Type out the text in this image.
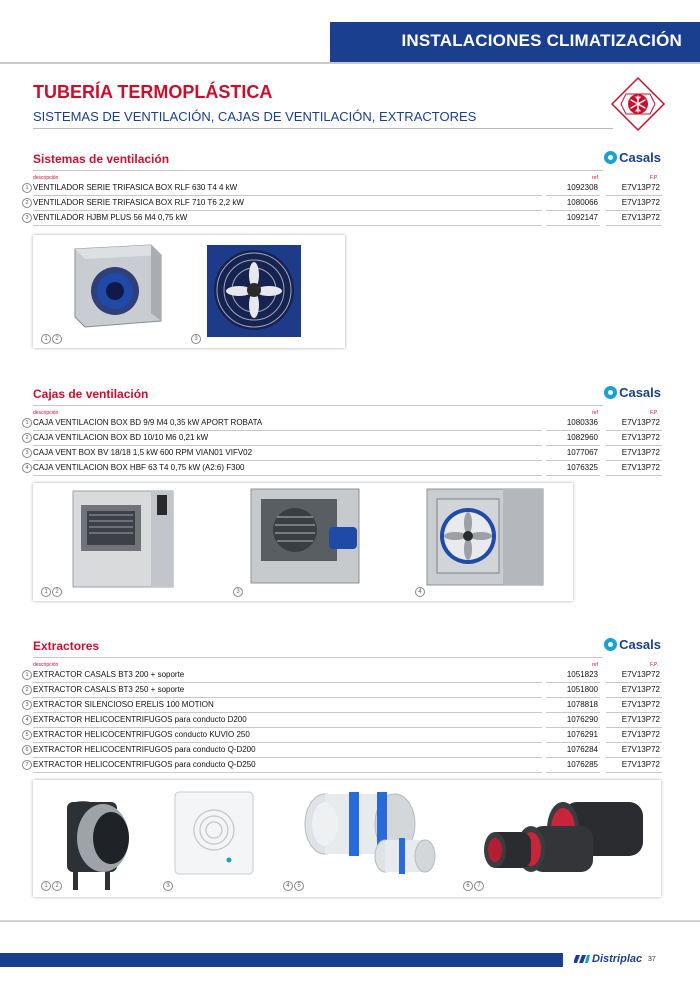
INSTALACIONES CLIMATIZACIÓN
TUBERÍA TERMOPLÁSTICA
SISTEMAS DE VENTILACIÓN, CAJAS DE VENTILACIÓN, EXTRACTORES
Sistemas de ventilación	Casals
descripción	ref	F.P.
1 VENTILADOR SERIE TRIFASICA BOX RLF 630 T4 4 kW	1092308	E7V13P72
2 VENTILADOR SERIE TRIFASICA BOX RLF 710 T6 2,2 kW	1080066	E7V13P72
3 VENTILADOR HJBM PLUS 56 M4 0,75 kW	1092147	E7V13P72
1 2	3
Cajas de ventilación	Casals
descripción	ref	F.P.
1 CAJA VENTILACION BOX BD 9/9 M4 0,35 kW APORT ROBATA	1080336	E7V13P72
2 CAJA VENTILACION BOX BD 10/10 M6 0,21 kW	1082960	E7V13P72
3 CAJA VENT BOX BV 18/18 1,5 kW 600 RPM VIAN01 VIFV02	1077067	E7V13P72
4 CAJA VENTILACION BOX HBF 63 T4 0,75 kW (A2:6) F300	1076325	E7V13P72
1 2	3	4
Extractores	Casals
descripción	ref	F.P.
1 EXTRACTOR CASALS BT3 200 + soporte	1051823	E7V13P72
2 EXTRACTOR CASALS BT3 250 + soporte	1051800	E7V13P72
3 EXTRACTOR SILENCIOSO ERELIS 100 MOTION	1078818	E7V13P72
4 EXTRACTOR HELICOCENTRIFUGOS para conducto D200	1076290	E7V13P72
5 EXTRACTOR HELICOCENTRIFUGOS conducto KUVIO 250	1076291	E7V13P72
6 EXTRACTOR HELICOCENTRIFUGOS para conducto Q-D200	1076284	E7V13P72
7 EXTRACTOR HELICOCENTRIFUGOS para conducto Q-D250	1076285	E7V13P72
1 2	3	4 5	6 7
Distriplac 37
